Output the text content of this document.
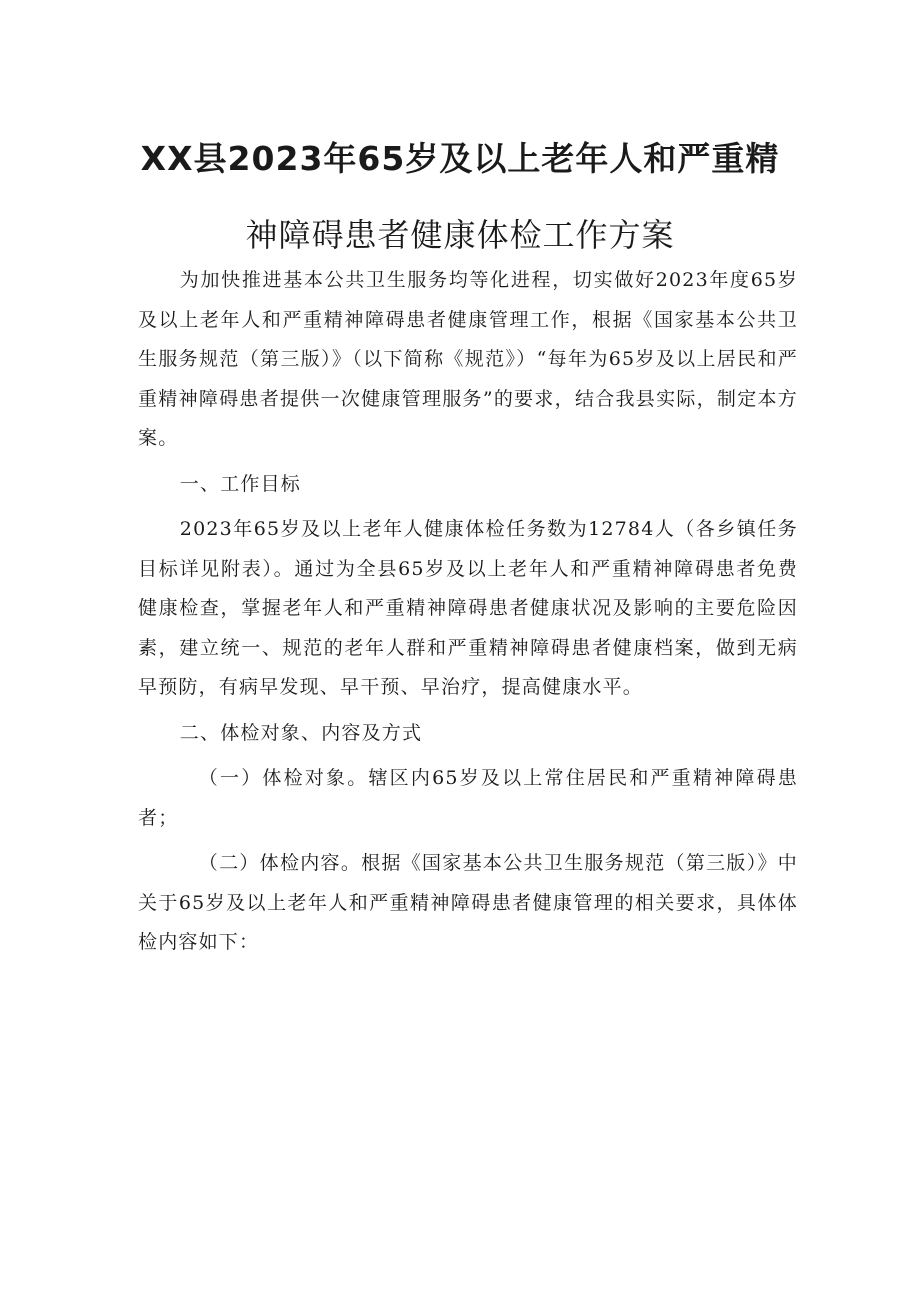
XX县2023年65岁及以上老年人和严重精
神障碍患者健康体检工作方案

为加快推进基本公共卫生服务均等化进程，切实做好2023年度65岁及以上老年人和严重精神障碍患者健康管理工作，根据《国家基本公共卫生服务规范（第三版）》（以下简称《规范》）“每年为65岁及以上居民和严重精神障碍患者提供一次健康管理服务”的要求，结合我县实际，制定本方案。

一、工作目标

2023年65岁及以上老年人健康体检任务数为12784人（各乡镇任务目标详见附表）。通过为全县65岁及以上老年人和严重精神障碍患者免费健康检查，掌握老年人和严重精神障碍患者健康状况及影响的主要危险因素，建立统一、规范的老年人群和严重精神障碍患者健康档案，做到无病早预防，有病早发现、早干预、早治疗，提高健康水平。

二、体检对象、内容及方式

（一）体检对象。辖区内65岁及以上常住居民和严重精神障碍患者；

（二）体检内容。根据《国家基本公共卫生服务规范（第三版）》中关于65岁及以上老年人和严重精神障碍患者健康管理的相关要求，具体体检内容如下：
